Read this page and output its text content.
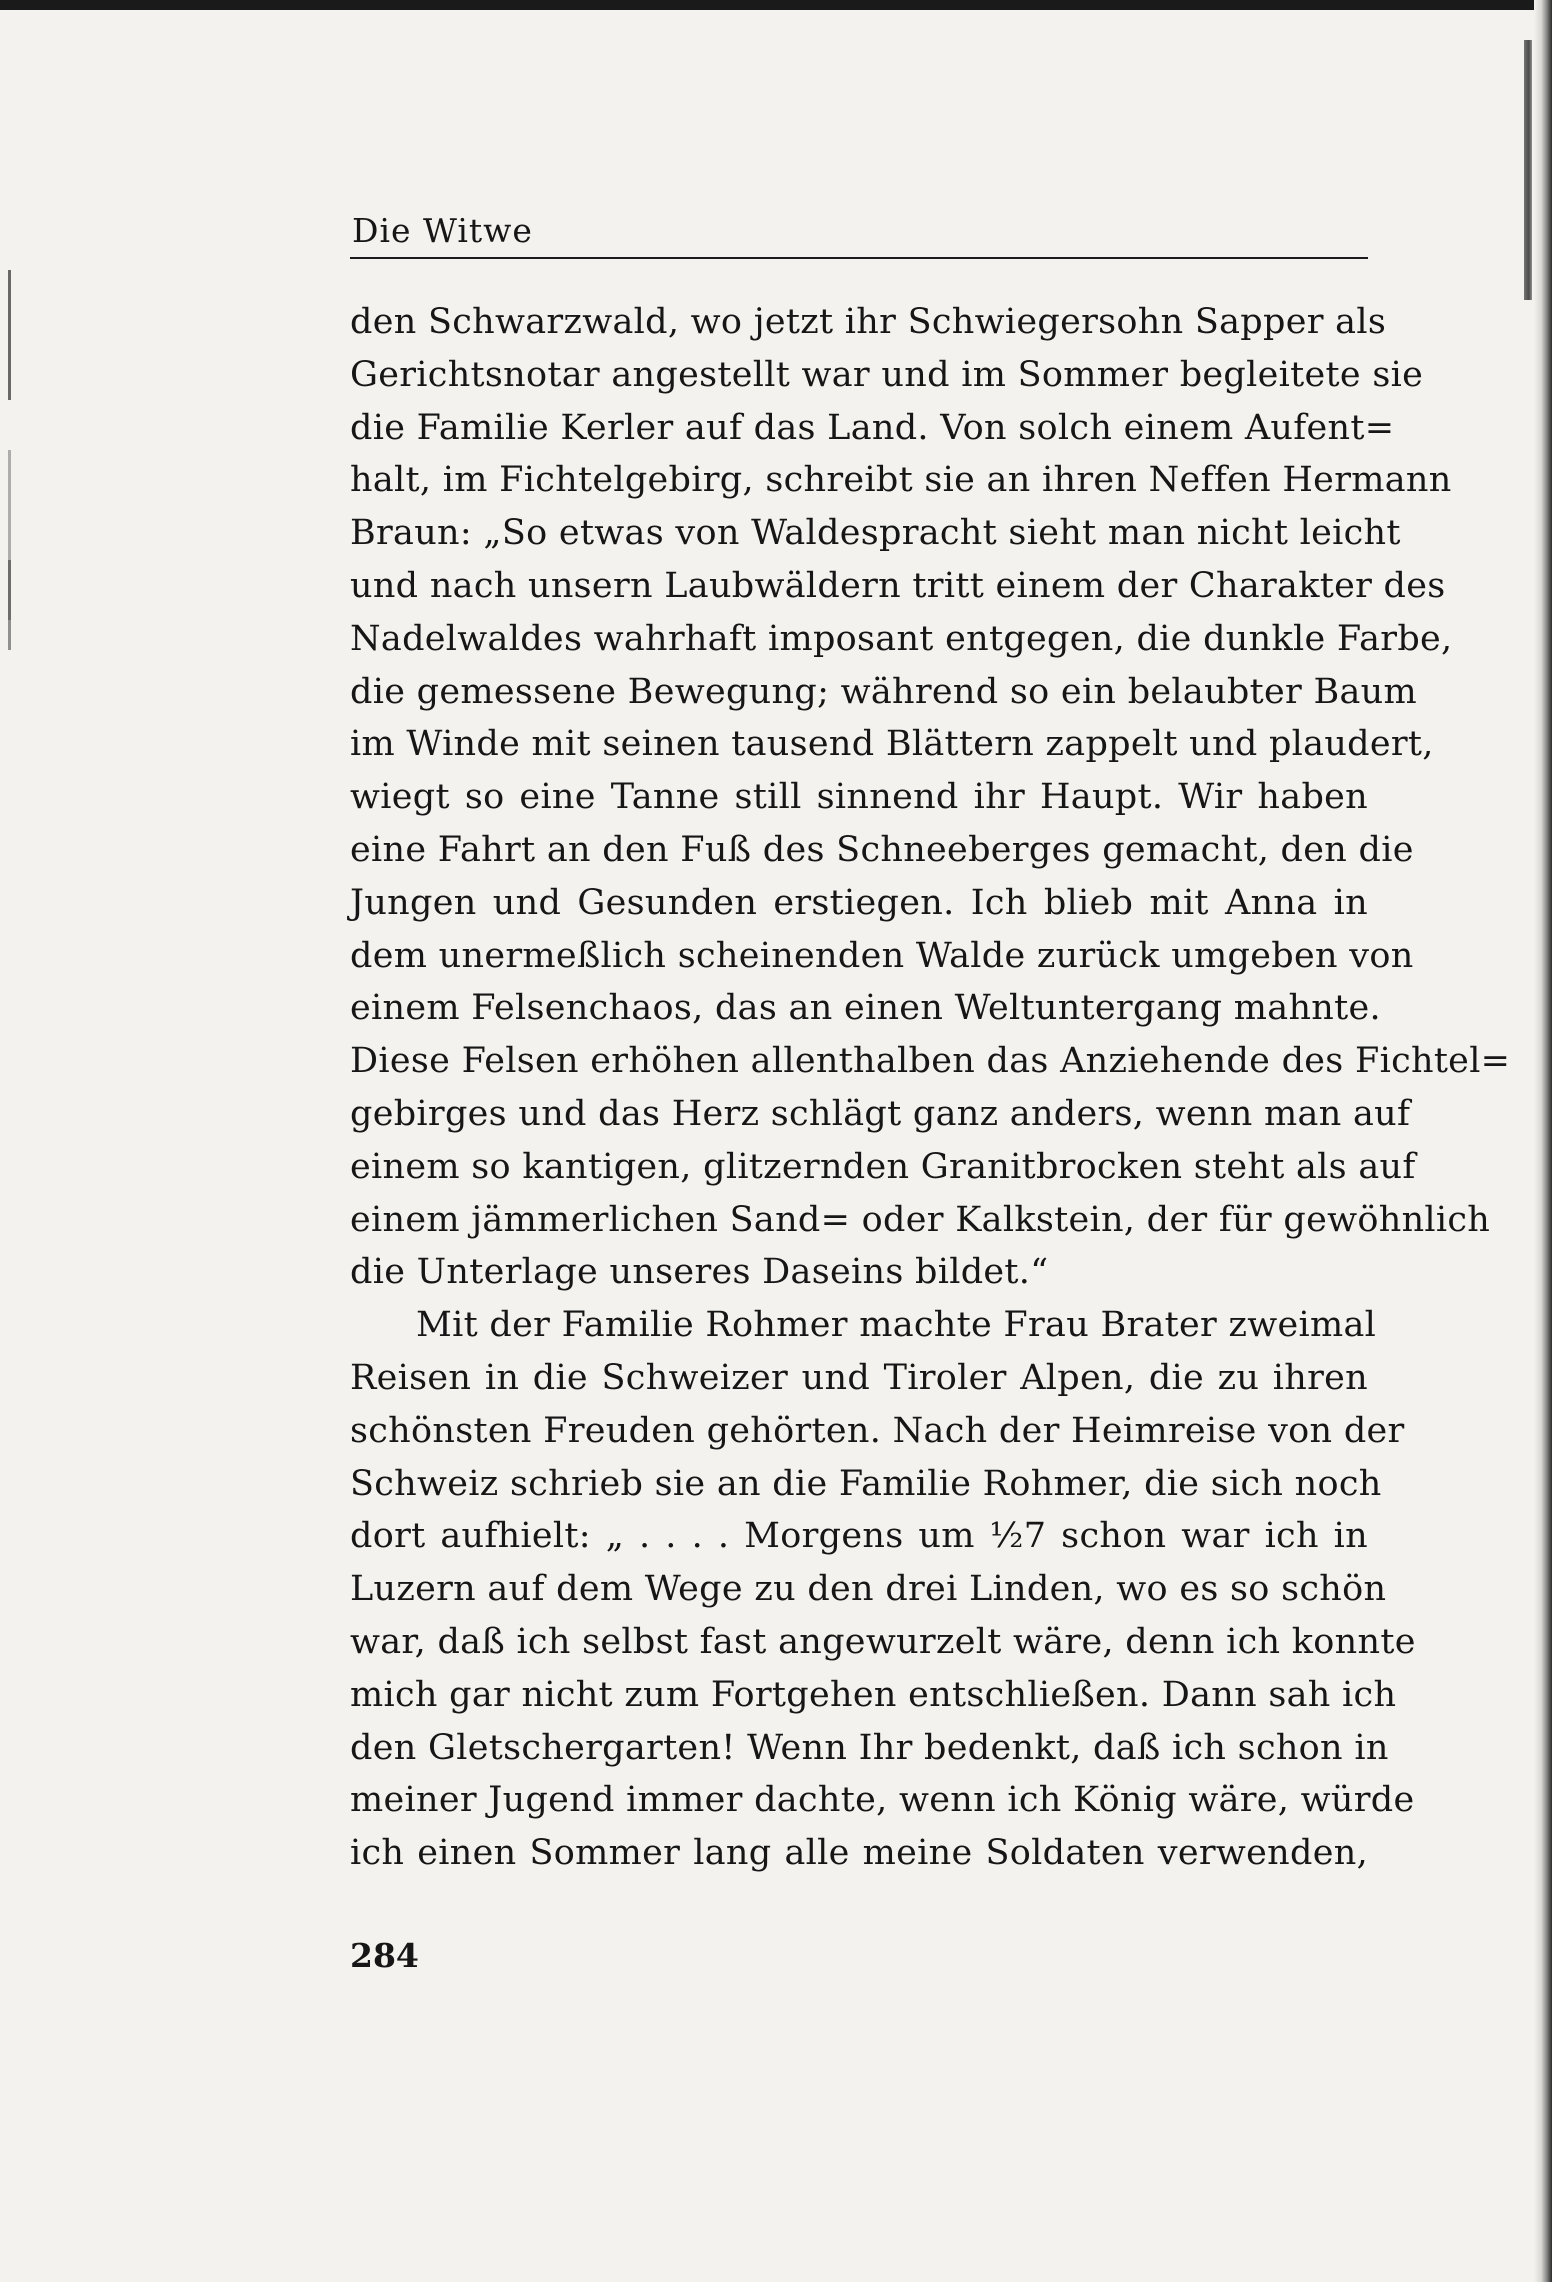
Die Witwe
den Schwarzwald, wo jetzt ihr Schwiegersohn Sapper als
Gerichtsnotar angestellt war und im Sommer begleitete sie
die Familie Kerler auf das Land. Von solch einem Aufent=
halt, im Fichtelgebirg, schreibt sie an ihren Neffen Hermann
Braun: „So etwas von Waldespracht sieht man nicht leicht
und nach unsern Laubwäldern tritt einem der Charakter des
Nadelwaldes wahrhaft imposant entgegen, die dunkle Farbe,
die gemessene Bewegung; während so ein belaubter Baum
im Winde mit seinen tausend Blättern zappelt und plaudert,
wiegt so eine Tanne still sinnend ihr Haupt. Wir haben
eine Fahrt an den Fuß des Schneeberges gemacht, den die
Jungen und Gesunden erstiegen. Ich blieb mit Anna in
dem unermeßlich scheinenden Walde zurück umgeben von
einem Felsenchaos, das an einen Weltuntergang mahnte.
Diese Felsen erhöhen allenthalben das Anziehende des Fichtel=
gebirges und das Herz schlägt ganz anders, wenn man auf
einem so kantigen, glitzernden Granitbrocken steht als auf
einem jämmerlichen Sand= oder Kalkstein, der für gewöhnlich
die Unterlage unseres Daseins bildet.“
Mit der Familie Rohmer machte Frau Brater zweimal
Reisen in die Schweizer und Tiroler Alpen, die zu ihren
schönsten Freuden gehörten. Nach der Heimreise von der
Schweiz schrieb sie an die Familie Rohmer, die sich noch
dort aufhielt: „ . . . . Morgens um ½7 schon war ich in
Luzern auf dem Wege zu den drei Linden, wo es so schön
war, daß ich selbst fast angewurzelt wäre, denn ich konnte
mich gar nicht zum Fortgehen entschließen. Dann sah ich
den Gletschergarten! Wenn Ihr bedenkt, daß ich schon in
meiner Jugend immer dachte, wenn ich König wäre, würde
ich einen Sommer lang alle meine Soldaten verwenden,
284
